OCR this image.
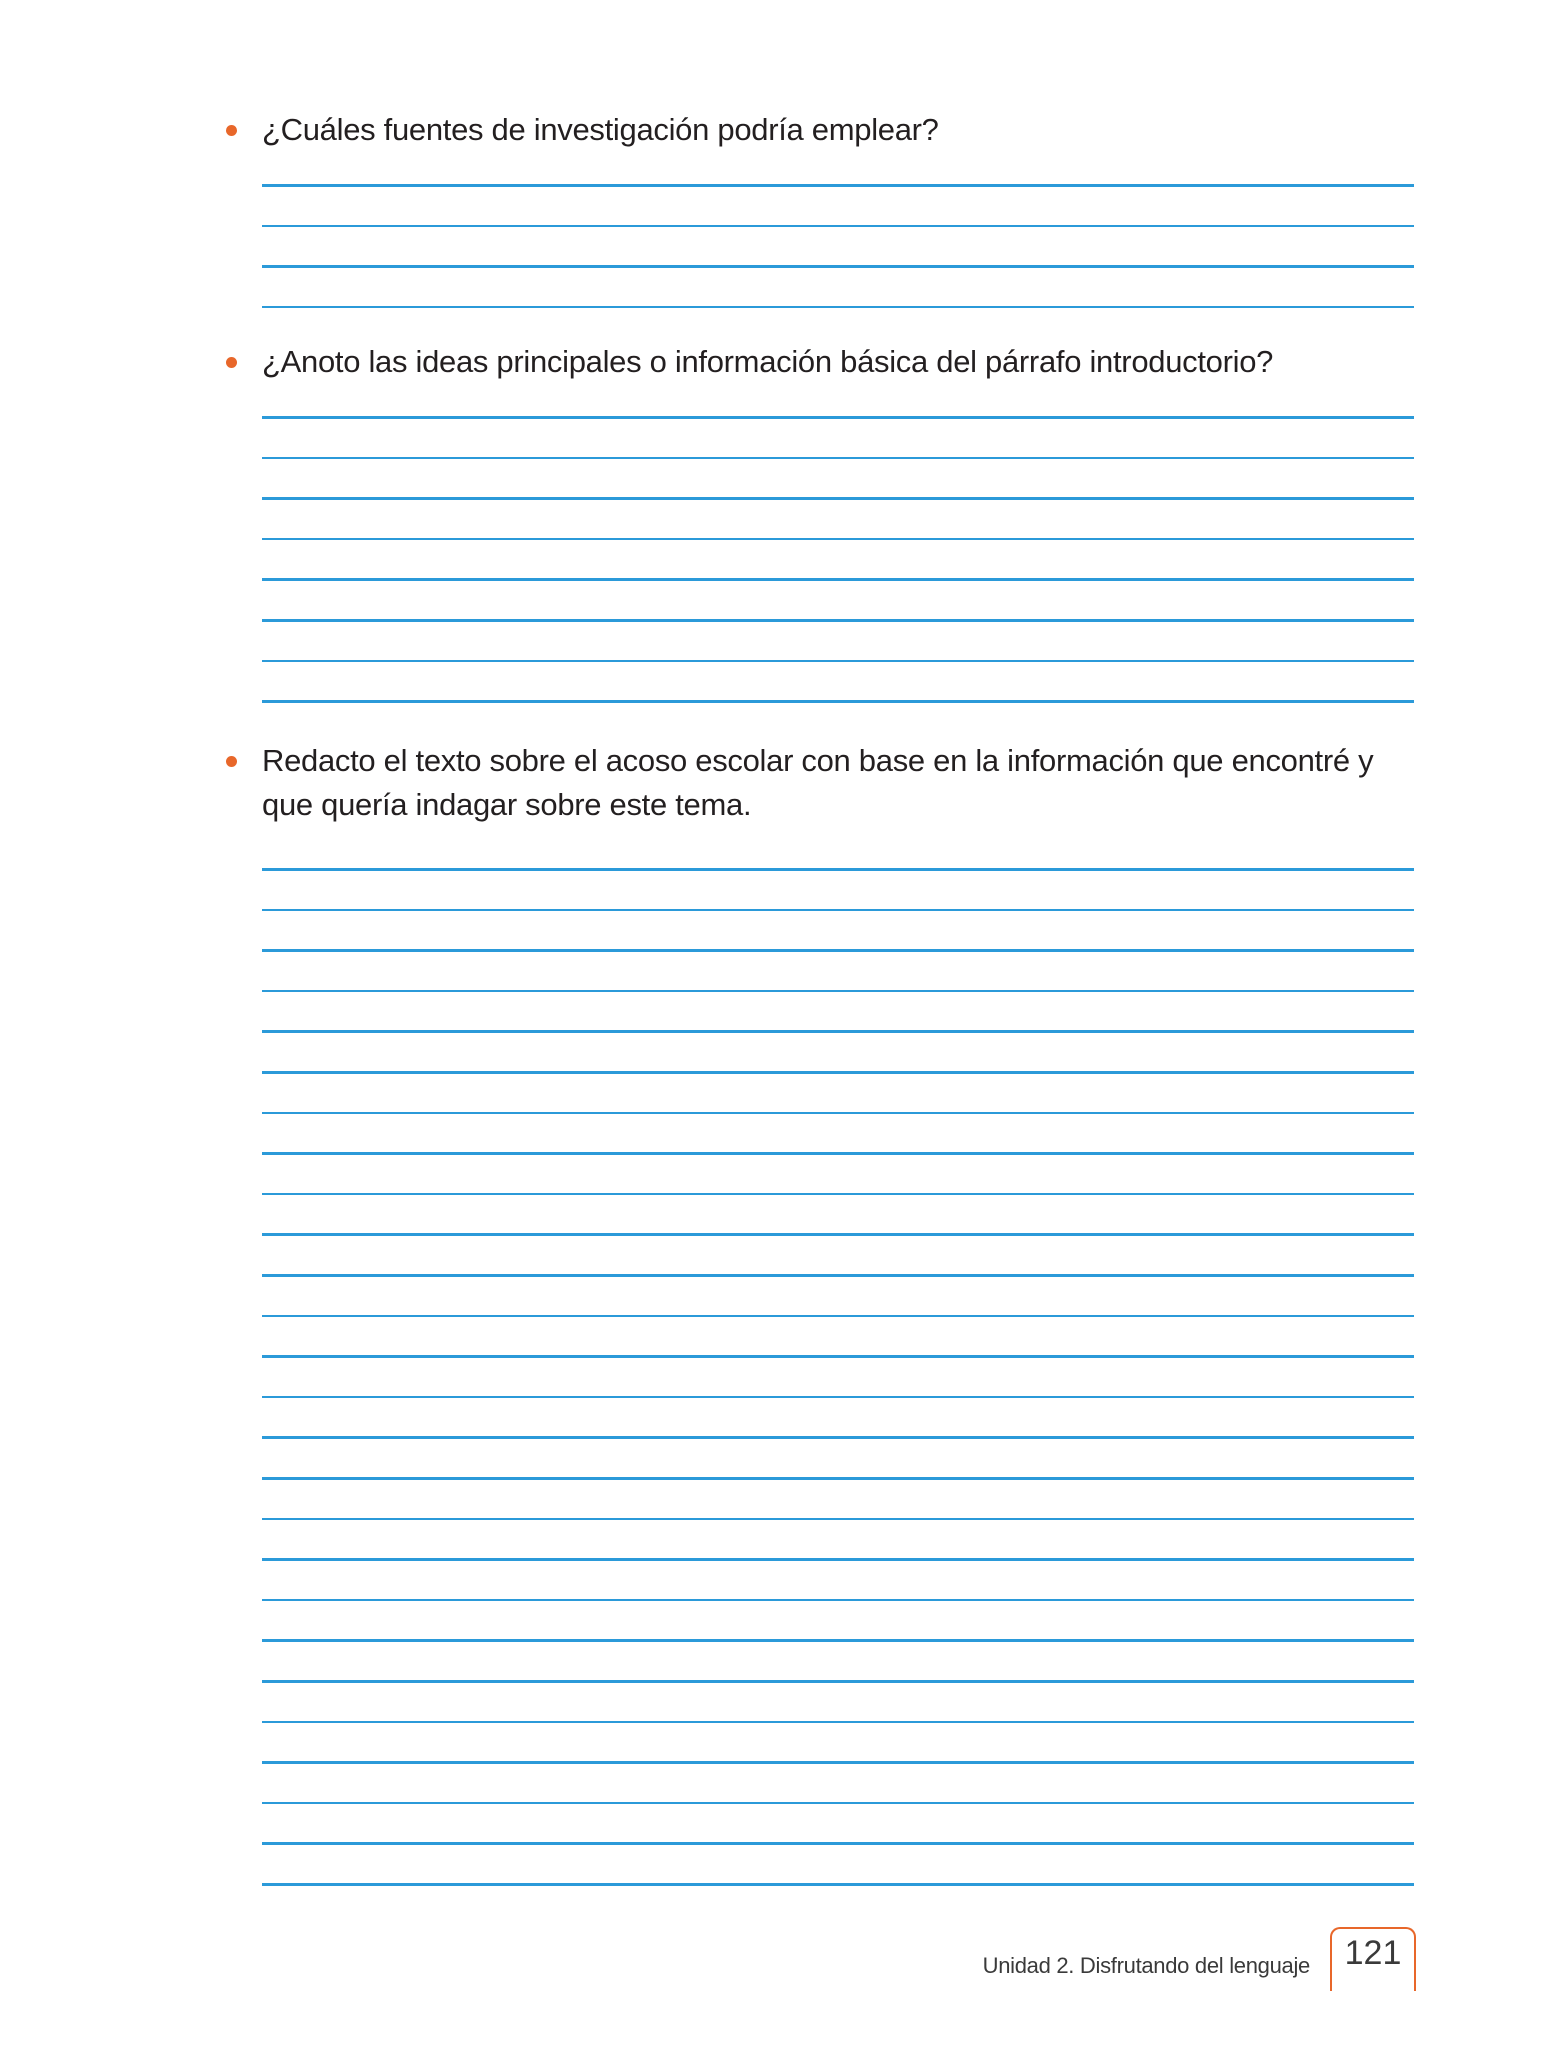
¿Cuáles fuentes de investigación podría emplear?
¿Anoto las ideas principales o información básica del párrafo introductorio?
Redacto el texto sobre el acoso escolar con base en la información que encontré y que quería indagar sobre este tema.
Unidad 2. Disfrutando del lenguaje	121
